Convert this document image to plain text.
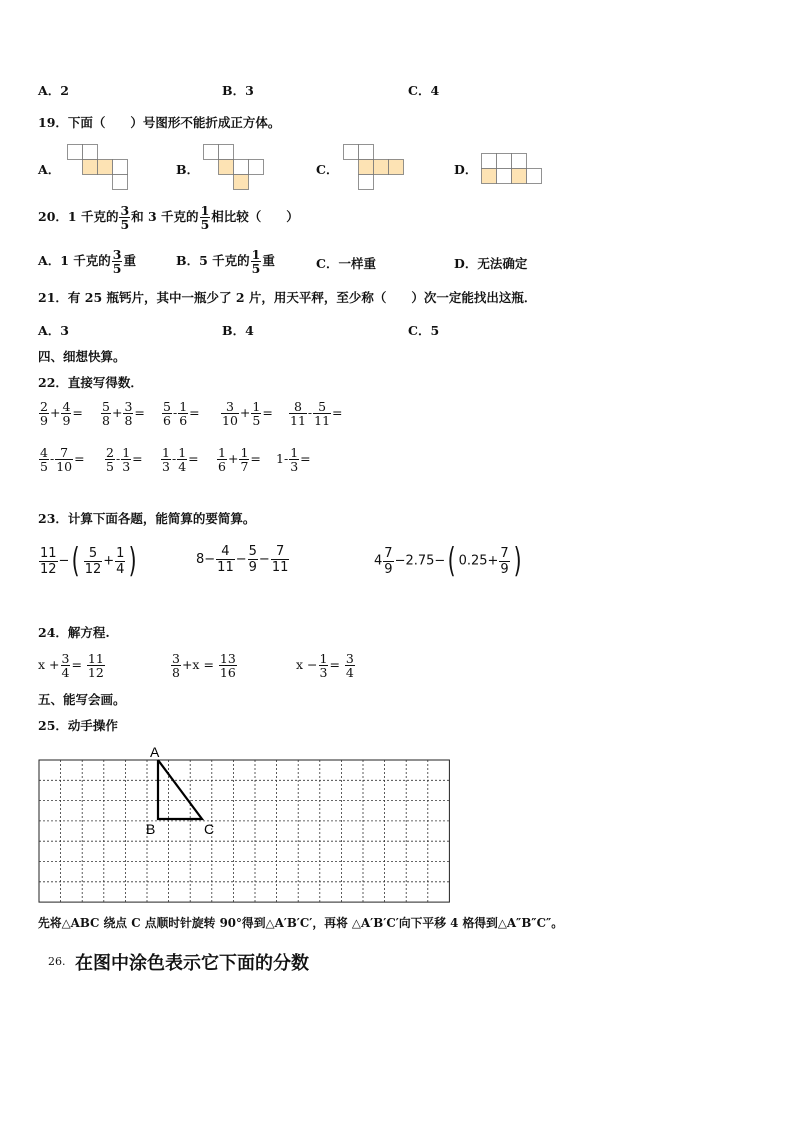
A．2	B．3	C．4
19．下面（　　）号图形不能折成正方体。
A．	B．	C．	D．
20．1 千克的 $\frac{3}{5}$ 和 3 千克的 $\frac{1}{5}$ 相比较（　　）
A．1 千克的 $\frac{3}{5}$ 重	B．5 千克的 $\frac{1}{5}$ 重	C．一样重	D．无法确定
21．有 25 瓶钙片，其中一瓶少了 2 片，用天平秤，至少称（　　）次一定能找出这瓶．
A．3	B．4	C．5
四、细想快算。
22．直接写得数．
$\frac{2}{9} + \frac{4}{9} = \frac{5}{8} + \frac{3}{8} = \frac{5}{6} - \frac{1}{6} = \frac{3}{10} + \frac{1}{5} = \frac{8}{11} - \frac{5}{11}$ =
$\frac{4}{5} - \frac{7}{10} = \frac{2}{5} - \frac{1}{3} = \frac{1}{3} - \frac{1}{4} = \frac{1}{6} + \frac{1}{7} = 1- \frac{1}{3}$ =
23．计算下面各题，能简算的要简算。
$\frac{11}{12}$ −( $\frac{5}{12} + \frac{1}{4}$ )	$8- \frac{4}{11} - \frac{5}{9} - \frac{7}{11}$	$4 \frac{7}{9} -2.75-$( $0.25+ \frac{7}{9}$ )
24．解方程.
$x + \frac{3}{4} = \frac{11}{12}$	$\frac{3}{8} +x = \frac{13}{16}$	$x - \frac{1}{3} = \frac{3}{4}$
五、能写会画。
25．动手操作
A
B	C
先将△ABC 绕点 C 点顺时针旋转 90°得到△A′B′C′，再将 △A′B′C′向下平移 4 格得到△A″B″C″。
26. 在图中涂色表示它下面的分数
